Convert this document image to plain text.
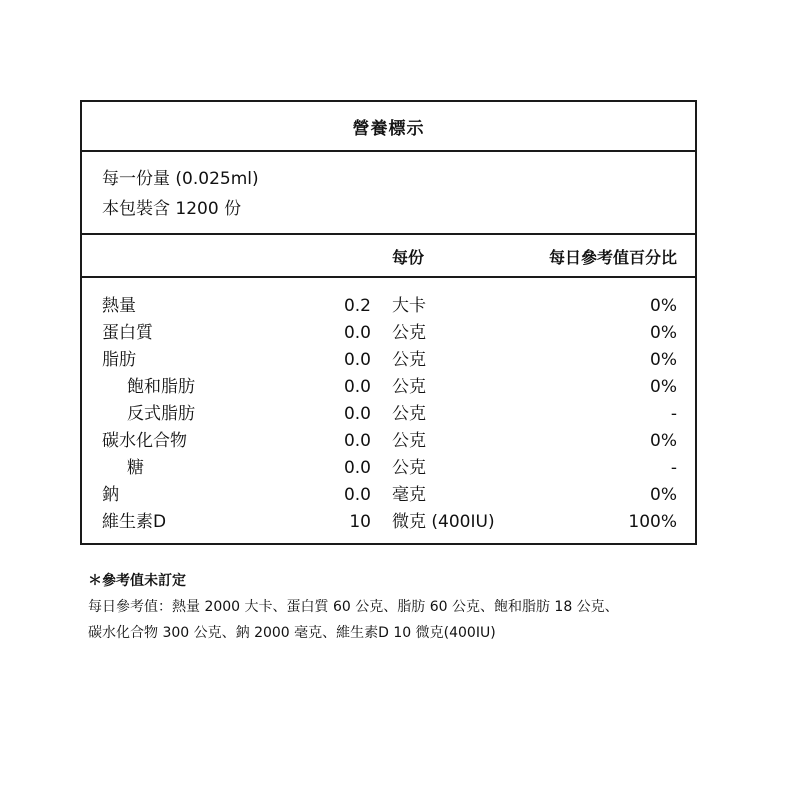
營養標示
每一份量 (0.025ml)
本包裝含 1200 份
每份	每日參考值百分比
熱量	0.2 大卡	0%
蛋白質	0.0 公克	0%
脂肪	0.0 公克	0%
飽和脂肪	0.0 公克	0%
反式脂肪	0.0 公克	-
碳水化合物	0.0 公克	0%
糖	0.0 公克	-
鈉	0.0 毫克	0%
維生素D	10 微克 (400IU)	100%
＊參考值未訂定
每日參考值：熱量 2000 大卡、蛋白質 60 公克、脂肪 60 公克、飽和脂肪 18 公克、
碳水化合物 300 公克、鈉 2000 毫克、維生素D 10 微克(400IU)
